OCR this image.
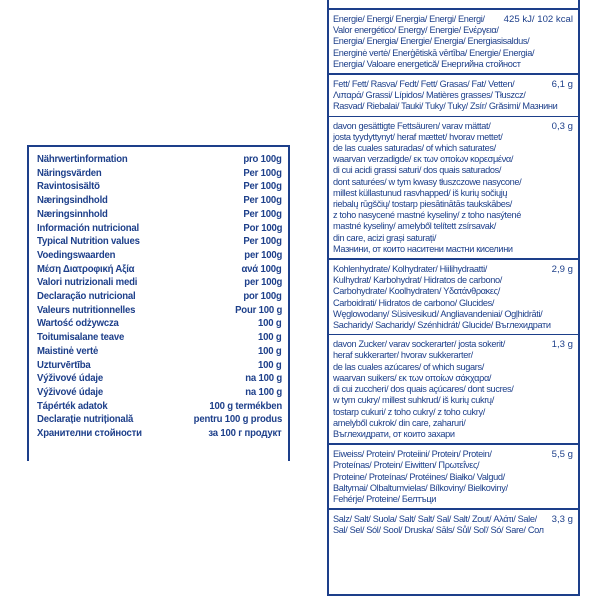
Nährwertinformation	pro 100g
Näringsvärden	Per 100g
Ravintosisältö	Per 100g
Næringsindhold	Per 100g
Næringsinnhold	Per 100g
Información nutricional	Por 100g
Typical Nutrition values	Per 100g
Voedingswaarden	per 100g
Μέση Διατροφική Αξία	ανά 100g
Valori nutrizionali medi	per 100g
Declaração nutricional	por 100g
Valeurs nutritionnelles	Pour 100 g
Wartość odżywcza	100 g
Toitumisalane teave	100 g
Maistinė vertė	100 g
Uzturvērtība	100 g
Výživové údaje	na 100 g
Výživové údaje	na 100 g
Tápérték adatok	100 g termékben
Declarație nutrițională	pentru 100 g produs
Хранителни стойности	за 100 г продукт
Energie/ Energi/ Energia/ Energi/ Energi/
Valor energético/ Energy/ Energie/ Ενέργεια/
Energia/ Energia/ Energie/ Energia/ Energiasisaldus/
Energinė vertė/ Enerģētiskā vērtība/ Energie/ Energia/
Energia/ Valoare energetică/ Енергийна стойност
425 kJ/ 102 kcal
Fett/ Fett/ Rasva/ Fedt/ Fett/ Grasas/ Fat/ Vetten/
Λιπαρά/ Grassi/ Lípidos/ Matières grasses/ Tłuszcz/
Rasvad/ Riebalai/ Tauki/ Tuky/ Tuky/ Zsír/ Grăsimi/ Мазнини
6,1 g
davon gesättigte Fettsäuren/ varav mättat/
josta tyydyttynyt/ heraf mættet/ hvorav mettet/
de las cuales saturadas/ of which saturates/
waarvan verzadigde/ εκ των οποίων κορεσμένα/
di cui acidi grassi saturi/ dos quais saturados/
dont saturées/ w tym kwasy tłuszczowe nasycone/
millest küllastunud rasvhapped/ iš kurių sočiųjų
riebalų rūgščių/ tostarp piesātinātās taukskābes/
z toho nasycené mastné kyseliny/ z toho nasýtené
mastné kyseliny/ amelyből telített zsírsavak/
din care, acizi grași saturați/
Мазнини, от които наситени мастни киселини
0,3 g
Kohlenhydrate/ Kolhydrater/ Hiilihydraatti/
Kulhydrat/ Karbohydrat/ Hidratos de carbono/
Carbohydrate/ Koolhydraten/ Υδατάνθρακες/
Carboidrati/ Hidratos de carbono/ Glucides/
Węglowodany/ Süsivesikud/ Angliavandeniai/ Ogļhidrāti/
Sacharidy/ Sacharidy/ Szénhidrát/ Glucide/ Въглехидрати
2,9 g
davon Zucker/ varav sockerarter/ josta sokerit/
heraf sukkerarter/ hvorav sukkerarter/
de las cuales azúcares/ of which sugars/
waarvan suikers/ εκ των οποίων σάκχαρα/
di cui zuccheri/ dos quais açúcares/ dont sucres/
w tym cukry/ millest suhkrud/ iš kurių cukrų/
tostarp cukuri/ z toho cukry/ z toho cukry/
amelyből cukrok/ din care, zaharuri/
Въглехидрати, от които захари
1,3 g
Eiweiss/ Protein/ Proteiini/ Protein/ Protein/
Proteínas/ Protein/ Eiwitten/ Πρωτεΐνες/
Proteine/ Proteínas/ Protéines/ Białko/ Valgud/
Baltymai/ Olbaltumvielas/ Bílkoviny/ Bielkoviny/
Fehérje/ Proteine/ Белтъци
5,5 g
Salz/ Salt/ Suola/ Salt/ Salt/ Sal/ Salt/ Zout/ Αλάτι/ Sale/
Sal/ Sel/ Sól/ Sool/ Druska/ Sāls/ Sůl/ Soľ/ Só/ Sare/ Сол
3,3 g
